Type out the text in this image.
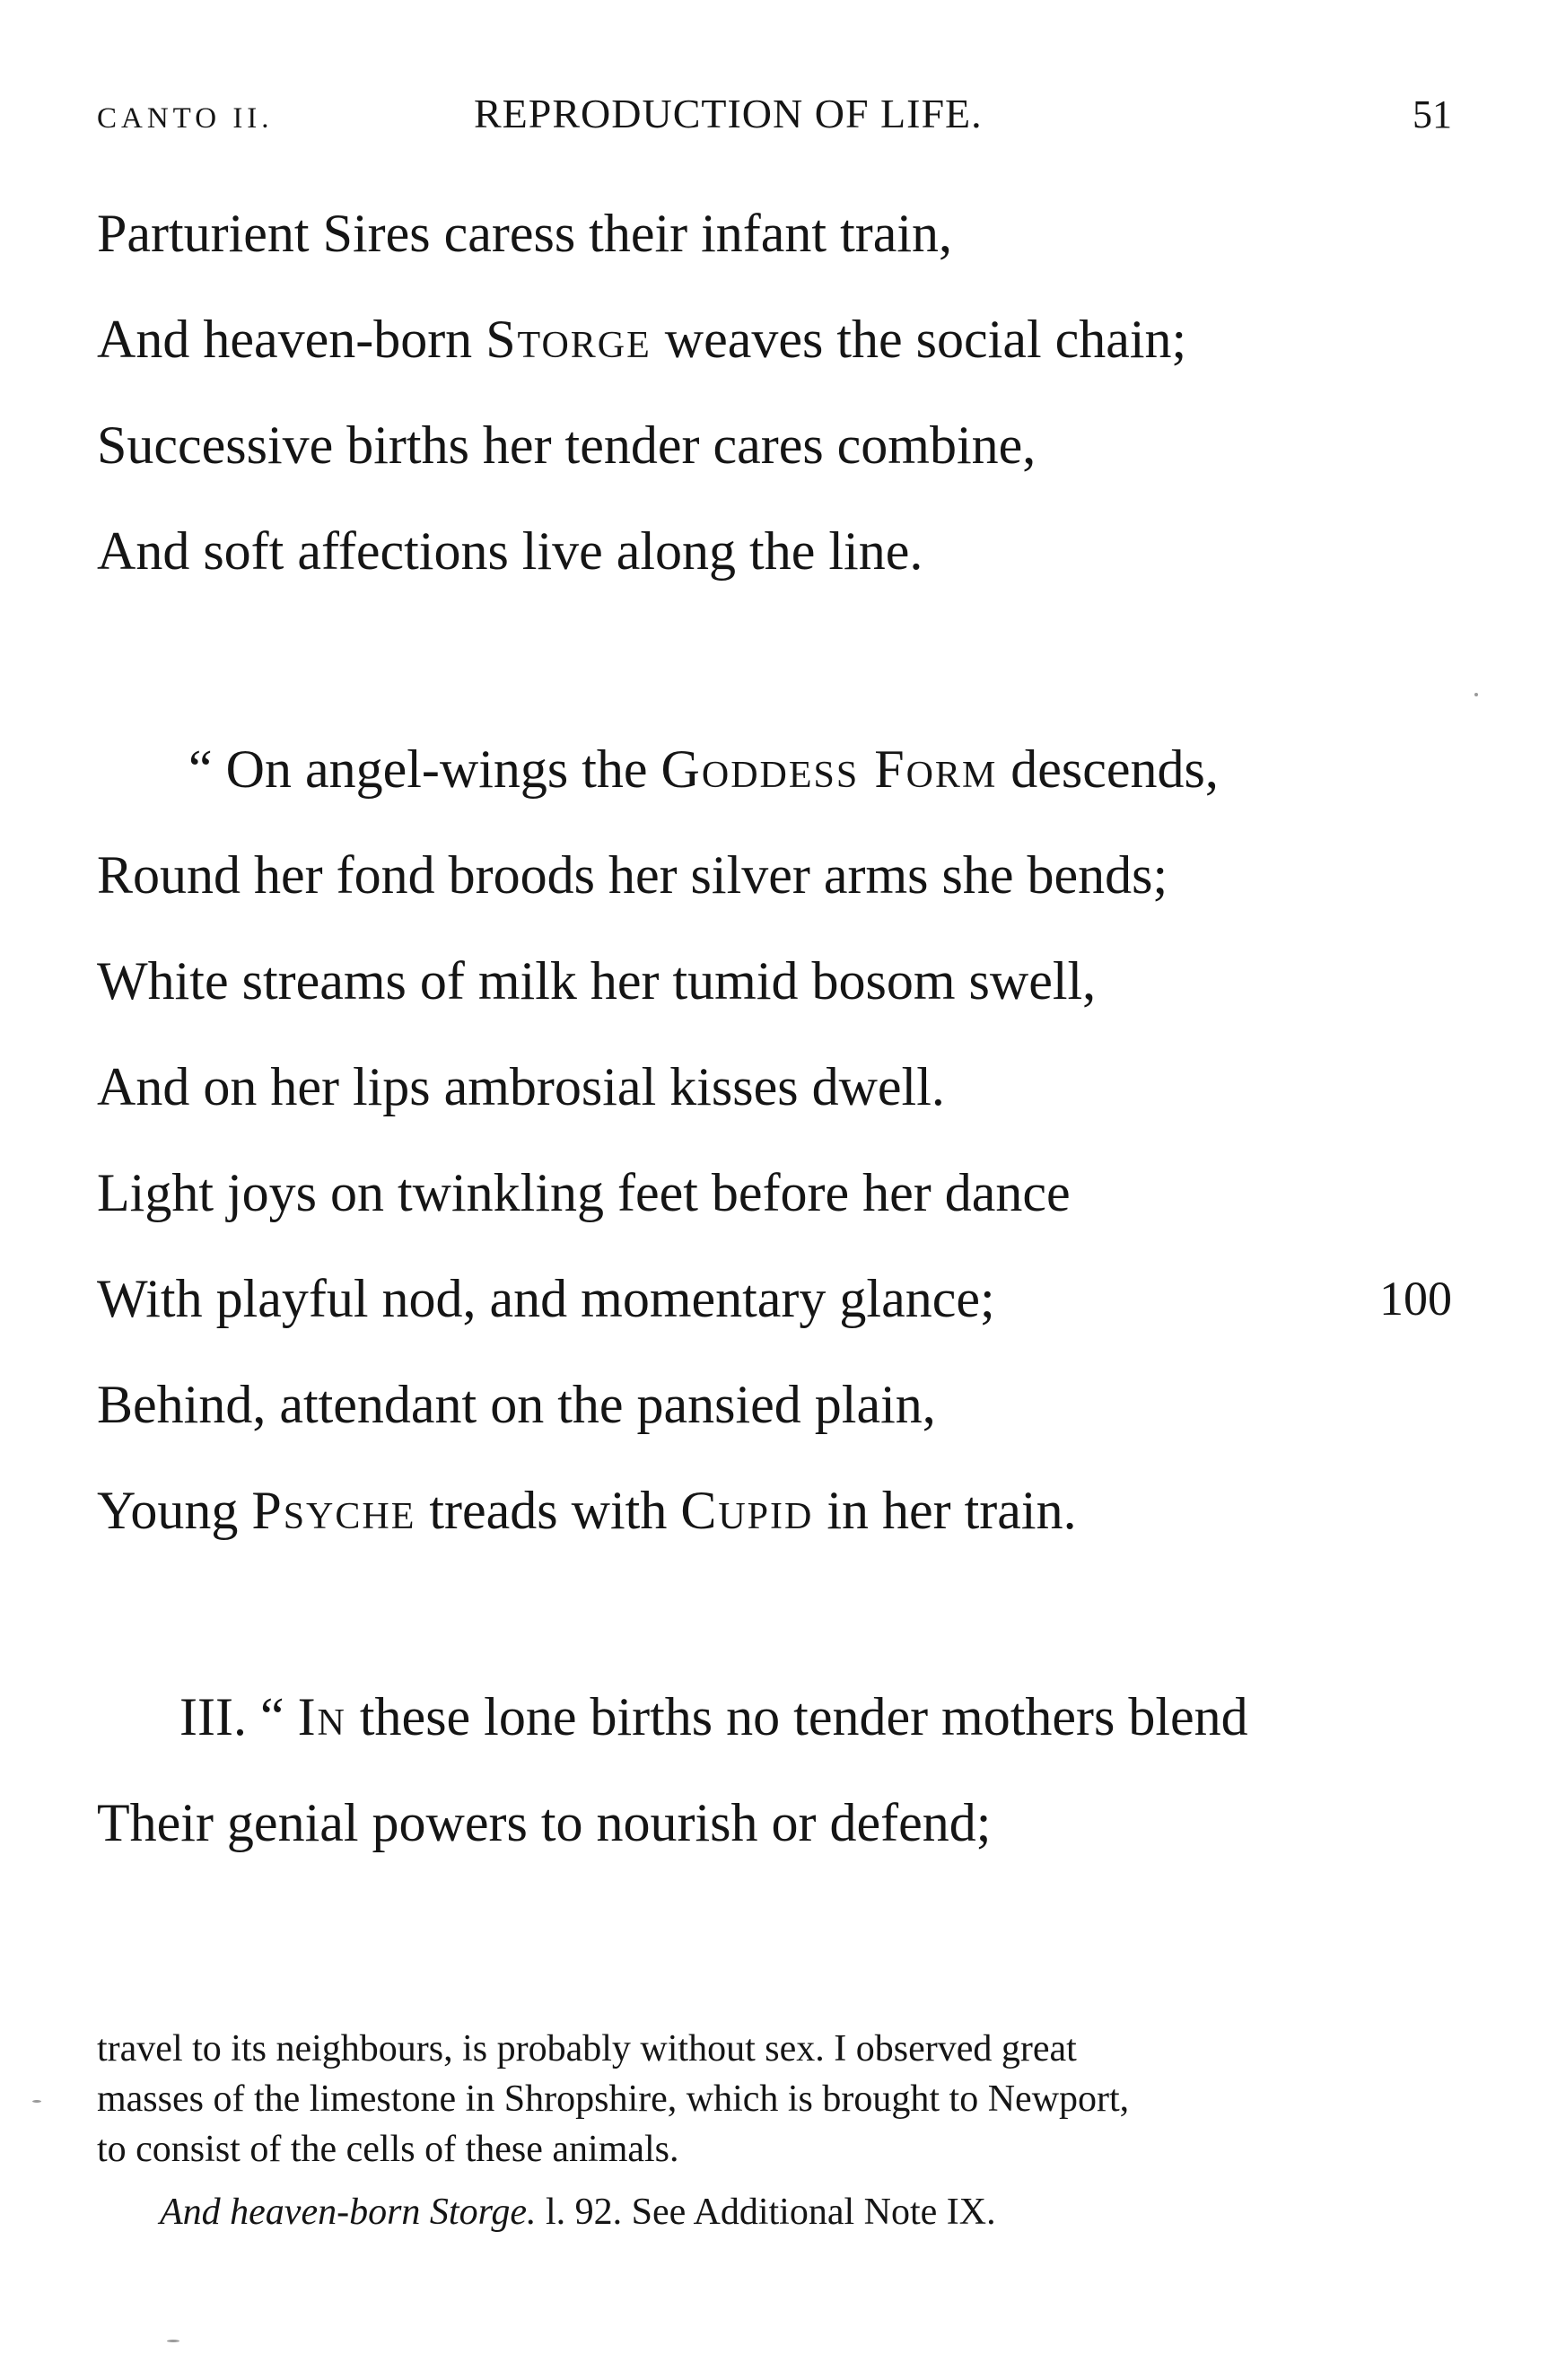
CANTO II.	REPRODUCTION OF LIFE.	51
Parturient Sires caress their infant train,
And heaven-born Storge weaves the social chain;
Successive births her tender cares combine,
And soft affections live along the line.
“ On angel-wings the Goddess Form descends,
Round her fond broods her silver arms she bends;
White streams of milk her tumid bosom swell,
And on her lips ambrosial kisses dwell.
Light joys on twinkling feet before her dance
With playful nod, and momentary glance;	100
Behind, attendant on the pansied plain,
Young Psyche treads with Cupid in her train.
III. “ In these lone births no tender mothers blend
Their genial powers to nourish or defend;
travel to its neighbours, is probably without sex. I observed great
masses of the limestone in Shropshire, which is brought to Newport,
to consist of the cells of these animals.
And heaven-born Storge. l. 92. See Additional Note IX.
